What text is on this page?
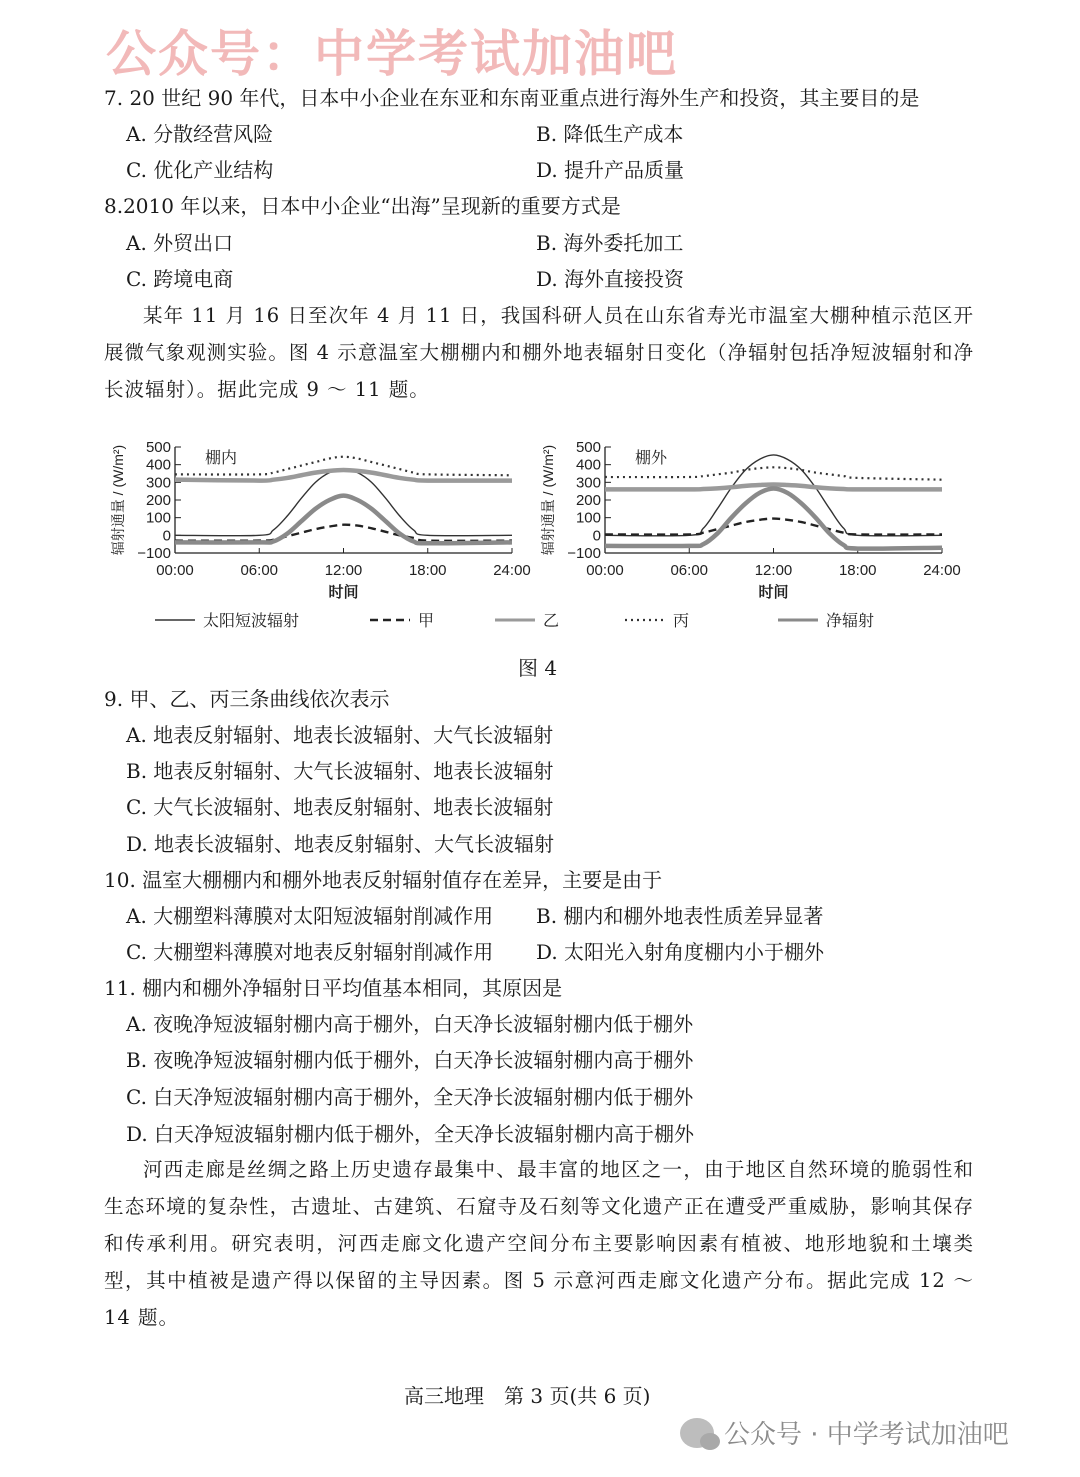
公众号：中学考试加油吧
7. 20 世纪 90 年代，日本中小企业在东亚和东南亚重点进行海外生产和投资，其主要目的是
A. 分散经营风险	B. 降低生产成本
C. 优化产业结构	D. 提升产品质量
8.2010 年以来，日本中小企业“出海”呈现新的重要方式是
A. 外贸出口	B. 海外委托加工
C. 跨境电商	D. 海外直接投资
某年 11 月 16 日至次年 4 月 11 日，我国科研人员在山东省寿光市温室大棚种植示范区开展微气象观测实验。图 4 示意温室大棚棚内和棚外地表辐射日变化（净辐射包括净短波辐射和净长波辐射）。据此完成 9 ～ 11 题。
500
400
300
200
100
0
−100
00:00	06:00	12:00	18:00	24:00
时间
辐射通量 / (W/m²)	棚内
500
400
300
200
100
0
−100
00:00	06:00	12:00	18:00	24:00
时间
辐射通量 / (W/m²)	棚外
太阳短波辐射	甲	乙	丙	净辐射
图 4
9. 甲、乙、丙三条曲线依次表示
A. 地表反射辐射、地表长波辐射、大气长波辐射
B. 地表反射辐射、大气长波辐射、地表长波辐射
C. 大气长波辐射、地表反射辐射、地表长波辐射
D. 地表长波辐射、地表反射辐射、大气长波辐射
10. 温室大棚棚内和棚外地表反射辐射值存在差异，主要是由于
A. 大棚塑料薄膜对太阳短波辐射削减作用 B. 棚内和棚外地表性质差异显著
C. 大棚塑料薄膜对地表反射辐射削减作用 D. 太阳光入射角度棚内小于棚外
11. 棚内和棚外净辐射日平均值基本相同，其原因是
A. 夜晚净短波辐射棚内高于棚外，白天净长波辐射棚内低于棚外
B. 夜晚净短波辐射棚内低于棚外，白天净长波辐射棚内高于棚外
C. 白天净短波辐射棚内高于棚外，全天净长波辐射棚内低于棚外
D. 白天净短波辐射棚内低于棚外，全天净长波辐射棚内高于棚外
河西走廊是丝绸之路上历史遗存最集中、最丰富的地区之一，由于地区自然环境的脆弱性和生态环境的复杂性，古遗址、古建筑、石窟寺及石刻等文化遗产正在遭受严重威胁，影响其保存和传承利用。研究表明，河西走廊文化遗产空间分布主要影响因素有植被、地形地貌和土壤类型，其中植被是遗产得以保留的主导因素。图 5 示意河西走廊文化遗产分布。据此完成 12 ～ 14 题。
高三地理　第 3 页(共 6 页)
公众号 · 中学考试加油吧
